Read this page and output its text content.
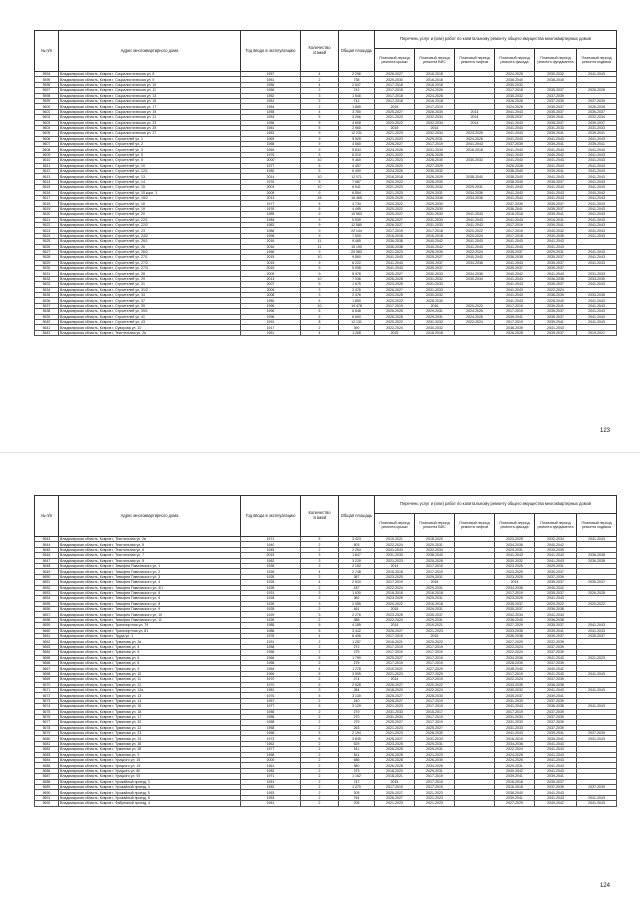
№ п/п	Адрес многоквартирного дома	Год ввода в эксплуатацию	Количество этажей	Общая площадь	Перечень услуг и (или) работ по капитальному ремонту общего имущества многоквартирных домов					
					Плановый период ремонта крыши	Плановый период ремонта ВИС	Плановый период ремонта лифтов	Плановый период ремонта фасада	Плановый период ремонта фундамента	Плановый период ремонта подвала
5594	Владимирская область, Ковров г, Социалистическая ул, 8	1957	4	2 296	2026-2027	2016-2018		2024-2025	2030-2032	2041-2043
5595	Владимирская область, Ковров г, Социалистическая ул, 9	1951	2	738	2029-2030	2016-2018		2038-2040	2038-2040	
5596	Владимирская область, Ковров г, Социалистическая ул, 10	1956	4	2 547	2017-2018	2016-2018		2030-2032		
5597	Владимирская область, Ковров г, Социалистическая ул, 11	1956	2	742	2017-2018	2024-2026		2017-2018	2035-2037	2026-2028
5598	Владимирская область, Ковров г, Социалистическая ул, 13	1952	3	1 546	2017-2018	2024-2026		2030-2032	2037-2039	
5599	Владимирская область, Ковров г, Социалистическая ул, 15	1951	2	742	2017-2018	2016-2018		2026-2028	2037-2039	2037-2039
5600	Владимирская область, Ковров г, Социалистическая ул, 17	1954	2	1 865	2015	2017-2019		2024-2026	2035-2037	2026-2028
5601	Владимирская область, Ковров г, Социалистическая ул, 19	1955	4	3 780	2025-2027	2028-2030	2014	2041-2043	2035-2037	2035-2037
5602	Владимирская область, Ковров г, Социалистическая ул, 21	1954	5	3 266	2021-2023	2032-2034	2014	2035-2037	2039-2041	2032-2034
5603	Владимирская область, Ковров г, Социалистическая ул, 23	1956	5	4 608	2020-2022	2032-2034	2014	2041-2043	2035-2037	2035-2037
5604	Владимирская область, Ковров г, Социалистическая ул, 25	1961	5	2 960	2015	2014		2041-2043	2031-2033	2031-2033
5605	Владимирская область, Ковров г, Социалистическая ул, 27	1962	9	12 231	2021-2023	2032-2034	2023-2025	2041-2043	2039-2041	2039-2041
5606	Владимирская область, Ковров г, Строителей ул, 1	1969	9	5 525	2021-2023	2029-2031	2024-2026	2041-2043	2041-2043	2041-2043
5607	Владимирская область, Ковров г, Строителей ул, 2	1968	9	4 560	2025-2027	2017-2019	2041-2043	2037-2039	2039-2041	2039-2041
5608	Владимирская область, Ковров г, Строителей ул, 3	1969	9	5 834	2024-2026	2031-2033	2016-2018	2041-2043	2041-2043	2041-2043
5609	Владимирская область, Ковров г, Строителей ул, 5	1976	5	6 010	2021-2022	2026-2028		2041-2043	2040-2042	2041-2043
5610	Владимирская область, Ковров г, Строителей ул, 6	2000	10	9 460	2021-2023	2028-2030	2030-2032	2041-2043	2041-2043	2041-2043
5611	Владимирская область, Ковров г, Строителей ул, 10	1977	5	4 457	2020-2022	2027-2029		2026-2028	2041-2043	2041-2043
5612	Владимирская область, Ковров г, Строителей ул, 12/1	1980	5	6 490	2024-2026	2030-2032		2038-2040	2039-2041	2041-2043
5613	Владимирская область, Ковров г, Строителей ул, 13	2014	10	12 071	2016-2018	2026-2029	2038-2040	2038-2040	2041-2043	2041-2043
5614	Владимирская область, Ковров г, Строителей ул, 14	1976	5	7 687	2020-2022	2028-2030		2038-2040	2035-2037	2041-2043
5615	Владимирская область, Ковров г, Строителей ул, 15	2004	10	6 541	2021-2023	2030-2032	2029-2031	2041-2043	2041-2043	2041-2043
5616	Владимирская область, Ковров г, Строителей ул, 15 корп. 1	2009	9	6 554	2021-2023	2029-2031	2034-2036	2041-2043	2041-2043	2040-2042
5617	Владимирская область, Ковров г, Строителей ул, 15/2	2013	16	16 465	2025-2025	2034-2036	2034-2036	2041-2043	2041-2043	2041-2043
5618	Владимирская область, Ковров г, Строителей ул, 18	1977	5	4 734	2020-2022	2029-2030		2037-2039	2035-2037	2041-2043
5619	Владимирская область, Ковров г, Строителей ул, 19	1976	5	4 495	2020-2022	2029-2030		2036-2041	2035-2037	2041-2043
5620	Владимирская область, Ковров г, Строителей ул, 20	1985	9	10 563	2025-2027	2031-2033	2041-2043	2016-2018	2039-2041	2041-2043
5621	Владимирская область, Ковров г, Строителей ул, 22/1	1984	9	5 539	2026-2027	2031-2033	2041-2043	2041-2043	2016-2041	2041-2043
5622	Владимирская область, Ковров г, Строителей ул, 22/2	1983	9	12 580	2026-2027	2031-2033	2041-2043	2017-2019	2039-2041	2041-2043
5623	Владимирская область, Ковров г, Строителей ул, 23	1986	9	22 144	2017-2019	2017-2018	2020-2022	2017-2019	2040-2042	2041-2043
5624	Владимирская область, Ковров г, Строителей ул, 24/2	1996	9	7 500	2016-2018	2016-2018	2020-2024	2017-2018	2030-2035	2041-2043
5625	Владимирская область, Ковров г, Строителей ул, 26/1	2016	11	9 465	2036-2038	2040-2042	2041-2043	2041-2043	2041-2043	
5626	Владимирская область, Ковров г, Строителей ул, 26	2016	11	15 190	2036-2038	2040-2042	2041-2043	2041-2043	2041-2043	
5627	Владимирская область, Ковров г, Строителей ул, 26/2	1966	9	20 583	2021-2023	2028-2030	2022-2024	2035-2037	2029-2031	2041-2043
5628	Владимирская область, Ковров г, Строителей ул, 27/1	2015	10	9 560	2041-2043	2025-2027	2040-2042	2036-2038	2035-2037	2041-2043
5629	Владимирская область, Ковров г, Строителей ул, 27/2	2015	9	6 222	2041-2043	2035-2037	2034-2036	2041-2043	2035-2037	2041-2043
5630	Владимирская область, Ковров г, Строителей ул, 27/3	2015	9	5 058	2041-2043	2035-2037		2035-2037	2035-2037	
5631	Владимирская область, Ковров г, Строителей ул, 28	2009	9	5 978	2025-2027	2030-2033	2034-2036	2040-2042	2041-2043	2031-2033
5632	Владимирская область, Ковров г, Строителей ул, 29	2013	10	7 036	2026-2028	2031-2032	2030-2034	2041-2043	2036-2038	2033-2035
5633	Владимирская область, Ковров г, Строителей ул, 31	2007	9	1 675	2023-2025	2031-2033		2041-2043	2035-2037	2041-2043
5634	Владимирская область, Ковров г, Строителей ул, 31/2	2009	3	2 476	2026-2027	2031-2033		2041-2043	2022-2024	
5635	Владимирская область, Ковров г, Строителей ул, 33	2008	3	2 376	2023-2025	2030-2032		2041-2043	2036-2039	2033-2035
5636	Владимирская область, Ковров г, Строителей ул, 37	1980	5	1 859	2020-2022	2028-2030		2041-2043	2028-2040	2041-2043
5637	Владимирская область, Ковров г, Строителей ул, 39	1996	10	10 478	2017-2019	2016	2020-2022	2017-2019	2039-2041	2041-2043
5638	Владимирская область, Ковров г, Строителей ул, 39/1	1996	6	6 646	2026-2028	2029-2031	2024-2026	2017-2019	2035-2037	2041-2043
5639	Владимирская область, Ковров г, Строителей ул, 41	1996	5	6 600	2026-2028	2029-2031	2024-2026	2039-2041	2035-2037	2041-2043
5640	Владимирская область, Ковров г, Строителей ул, 43	1991	8	12 131	2020-2022	2031-2032	2022-2024	2017-2019	2039-2041	2041-2043
5641	Владимирская область, Ковров г, Суворова ул, 10	1917	2	390	2022-2024	2030-2032		2036-2039	2041-2043	
5642	Владимирская область, Ковров г, Текстильная ул, 2а	1961	4	1 268	2015	2016-2018		2026-2028	2035-2037	2019-2021
123
№ п/п	Адрес многоквартирного дома	Год ввода в эксплуатацию	Количество этажей	Общая площадь	Перечень услуг и (или) работ по капитальному ремонту общего имущества многоквартирных домов					
					Плановый период ремонта крыши	Плановый период ремонта ВИС	Плановый период ремонта лифтов	Плановый период ремонта фасада	Плановый период ремонта фундамента	Плановый период ремонта подвала
5643	Владимирская область, Ковров г, Текстильная ул, 2в	1971	5	3 423	2019-2021	2018-2020		2023-2025	2032-2034	2041-2043
5644	Владимирская область, Ковров г, Текстильная ул, 5	1940	2	503	2022-2024	2029-2031		2034-2036	2040-2042	
5645	Владимирская область, Ковров г, Текстильная ул, 6	1945	2	2 254	2041-2043	2032-2034		2029-2031	2033-2035	
5646	Владимирская область, Ковров г, Текстильная ул, 7	2015	3	1 847	2031-2033	2038-2040		2041-2043	2041-2043	2036-2038
5647	Владимирская область, Ковров г, Текстильная ул, 8	1982	3	3 229	2021-2023	2025-2026		2030-2032	2041-2043	2036-2038
5648	Владимирская область, Ковров г, Тимофея Павловского ул, 1	1926	2	2 152	2014	2017-2019		2023-2025	2029-2031	
5649	Владимирская область, Ковров г, Тимофея Павловского ул, 2	1926	4	2 748	2016-2018	2017-2019		2023-2025	2035-2037	
5650	Владимирская область, Ковров г, Тимофея Павловского ул, 3	1928	2	387	2023-2025	2029-2031		2023-2025	2037-2039	
5651	Владимирская область, Ковров г, Тимофея Павловского ул, 4	1928	4	2 510	2017-2019	2015		2014	2035-2037	2035-2037
5652	Владимирская область, Ковров г, Тимофея Павловского ул, 4/1	1928	2	437	2022-2024	2029-2031		2034-2036	2040-2042	
5653	Владимирская область, Ковров г, Тимофея Павловского ул, 5	1931	3	1 630	2016-2018	2016-2018		2017-2019	2035-2037	2026-2028
5654	Владимирская область, Ковров г, Тимофея Павловского ул, 6	1928	2	382	2023-2025	2029-2031		2023-2025	2041-2043	
5655	Владимирская область, Ковров г, Тимофея Павловского ул, 8	1928	3	2 085	2020-2022	2016-2018		2035-2037	2020-2022	2020-2022
5656	Владимирская область, Ковров г, Тимофея Павловского ул, 9	1928	2	461	2015	2029-2031		2035-2037	2036-2038	
5657	Владимирская область, Ковров г, Тимофея Павловского ул, 10	1929	3	2 276	2023-2025	2035-2037		2032-2034	2041-2043	
5658	Владимирская область, Ковров г, Тимофея Павловского ул, 11	1928	2	388	2022-2024	2029-2031		2038-2040	2036-2038	
5659	Владимирская область, Ковров г, Транспортная ул, 79	1988	5	4 185	2014	2019-2021		2027-2029	2035-2037	2041-2043
5660	Владимирская область, Ковров г, Транспортная ул, 81	1988	5	3 442	2026-2027	2021-2023		2033-2035	2039-2041	2041-2043
5661	Владимирская область, Ковров г, Труда ул, 1	1978	4	6 406	2017-2019	2015		2036-2038	2035-2037	2035-2037
5662	Владимирская область, Ковров г, Туманова ул, 2а	1931	2	1 257	2016-2021	2020-2022		2027-2029	2037-2039	
5663	Владимирская область, Ковров г, Туманова ул, 4	1958	2	272	2017-2019	2017-2019		2022-2024	2037-2039	
5664	Владимирская область, Ковров г, Туманова ул, 5	1968	2	275	2017-2019	2017-2019		2022-2024	2037-2039	
5665	Владимирская область, Ковров г, Туманова ул, 6	1966	5	1 799	2025-2027	2017-2019		2034-2036	2041-2043	2021-2023
5666	Владимирская область, Ковров г, Туманова ул, 8	1958	2	275	2017-2019	2017-2019		2028-2030	2037-2039	
5667	Владимирская область, Ковров г, Туманова ул, 9	1954	4	1 278	2019-2021	2027-2029		2038-2040	2040-2042	
5668	Владимирская область, Ковров г, Туманова ул, 10	1966	5	3 595	2021-2023	2027-2029		2017-2019	2041-2043	2041-2043
5669	Владимирская область, Ковров г, Туманова ул, 11	1970	2	274	2014	2017-2019		2022-2024	2037-2039	
5670	Владимирская область, Ковров г, Туманова ул, 12	1970	5	2 528	2025-2027	2020-2022		2033-2035	2036-2038	
5671	Владимирская область, Ковров г, Туманова ул, 12а	1981	3	284	2018-2020	2022-2024		2030-2032	2041-2043	2041-2043
5672	Владимирская область, Ковров г, Туманова ул, 13	1976	5	3 130	2025-2027	2028-2030		2035-2037	2039-2041	
5673	Владимирская область, Ковров г, Туманова ул, 14	1957	2	240	2025-2027	2017-2019		2031-2033	2037-2039	
5674	Владимирская область, Ковров г, Туманова ул, 15	1977	5	3 129	2021-2023	2017-2019		2041-2043	2036-2038	2041-2043
5675	Владимирская область, Ковров г, Туманова ул, 16	1956	2	279	2031-2033	2015-2017		2017-2019	2037-2039	
5676	Владимирская область, Ковров г, Туманова ул, 17	1958	2	270	2031-2033	2017-2019		2031-2033	2037-2039	
5677	Владимирская область, Ковров г, Туманова ул, 20	1958	2	279	2025-2027	2017-2019		2031-2033	2037-2039	
5678	Владимирская область, Ковров г, Туманова ул, 22	1958	2	263	2021-2023	2025-2027		2031-2033	2037-2039	
5679	Владимирская область, Ковров г, Туманова ул, 23	1968	5	2 194	2021-2023	2028-2030		2041-2043	2039-2041	2037-2039
5680	Владимирская область, Ковров г, Туманова ул, 24	1972	5	3 845	2025-2027	2031-2033		2016-2019	2039-2041	2041-2043
5681	Владимирская область, Ковров г, Туманова ул, 26	1962	2	529	2023-2025	2029-2031		2034-2036	2041-2043	
5682	Владимирская область, Ковров г, Туманова ул, 28	1977	2	511	2026-2028	2029-2031		2022-2024	2041-2043	
5683	Владимирская область, Ковров г, Туманова ул, 9	1958	2	511	2026-2028	2021-2023		2024-2026	2041-2043	
5684	Владимирская область, Ковров г, Урицкого ул, 15	2000	2	686	2026-2028	2026-2030		2024-2026	2041-2043	
5685	Владимирская область, Ковров г, Урицкого ул, 19	1961	2	580	2026-2028	2034-2026		2029-2031	2041-2043	
5686	Владимирская область, Ковров г, Урицкого ул, 80	1982	2	379	2018-2020	2029-2031		2040-2042	2041-2043	
5687	Владимирская область, Ковров г, Урицкого ул, 93	1971	2	1 162	2018-2021	2017-2019		2039-2041	2039-2041	
5688	Владимирская область, Ковров г, Урожайный проезд, 3	1951	2	747	2015	2017-2019		2016-2018	2035-2037	
5689	Владимирская область, Ковров г, Урожайный проезд, 4	1952	2	1 070	2017-2019	2017-2019		2016-2018	2037-2039	2037-2039
5690	Владимирская область, Ковров г, Урожайный проезд, 5	1953	2	205	2025-2027	2021-2023		2038-2040	2041-2043	
5691	Владимирская область, Ковров г, Урожайный проезд, 8	1953	2	764	2026-2027	2021-2023		2039-2041	2041-2043	2041-2043
5692	Владимирская область, Ковров г, Фабричный проезд, 4	1961	2	205	2021-2023	2021-2023		2027-2029	2040-2042	2041-2043
124
